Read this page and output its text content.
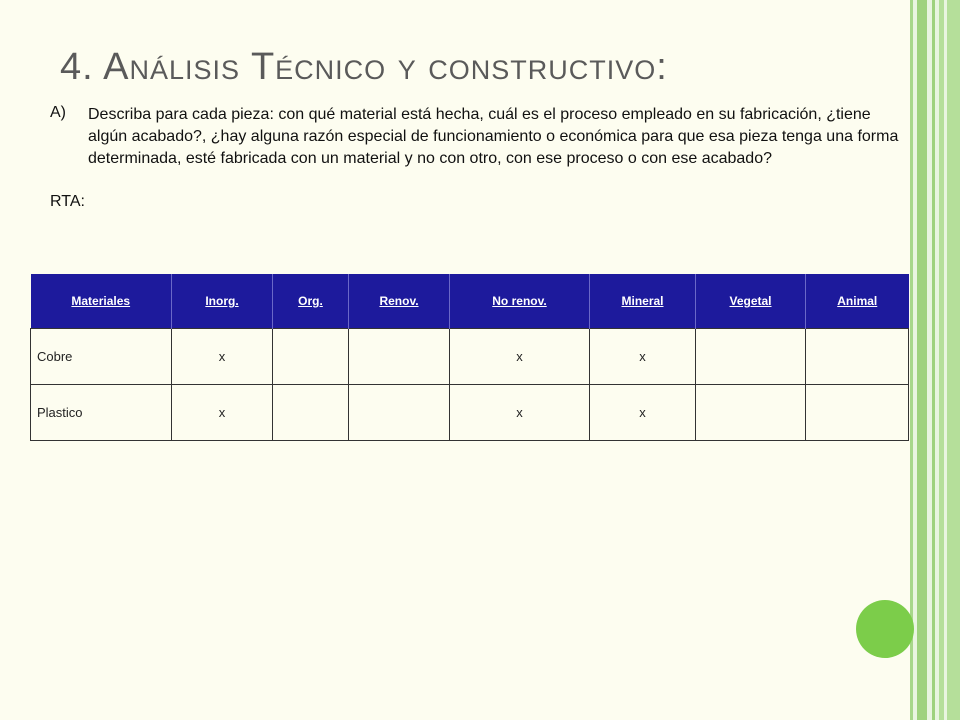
4. Análisis Técnico y constructivo:
A) Describa para cada pieza: con qué material está hecha, cuál es el proceso empleado en su fabricación, ¿tiene algún acabado?, ¿hay alguna razón especial de funcionamiento o económica para que esa pieza tenga una forma determinada, esté fabricada con un material y no con otro, con ese proceso o con ese acabado?
RTA:
Materiales	Inorg.	Org.	Renov.	No renov.	Mineral	Vegetal	Animal
Cobre	x			x	x		
Plastico	x			x	x		
